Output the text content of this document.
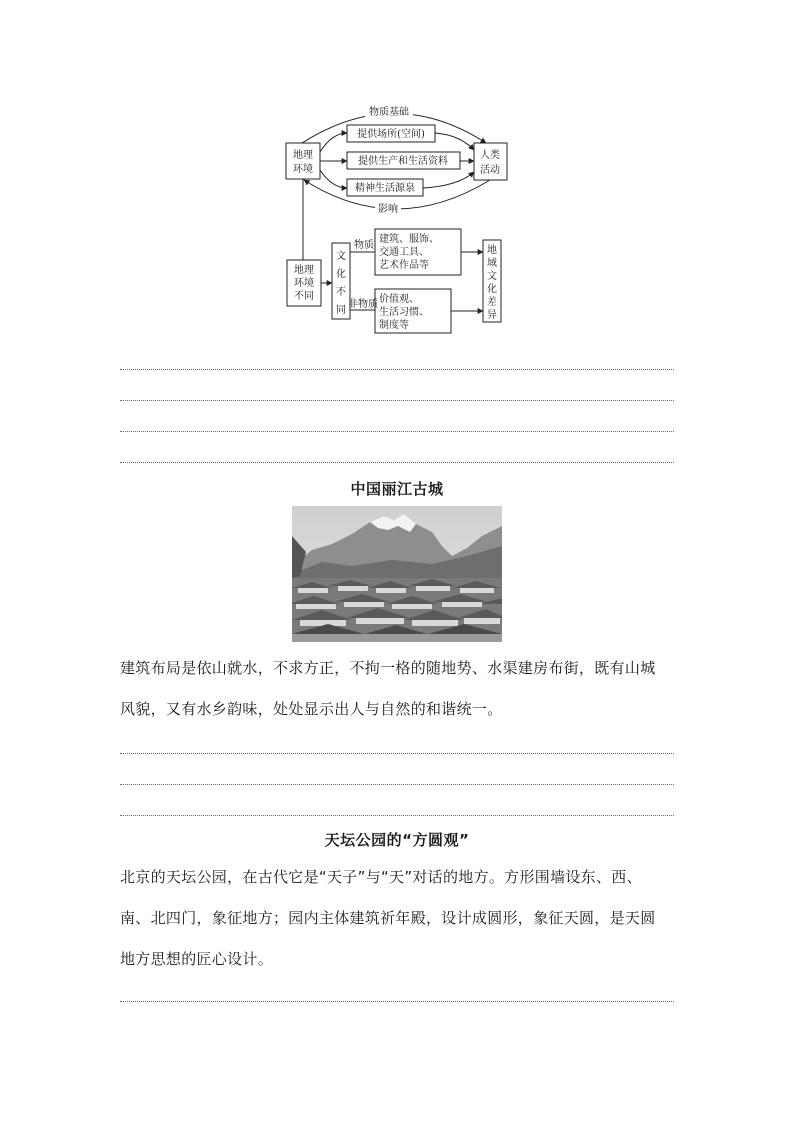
物质基础
影响
地理
环境
人类
活动
提供场所(空间)
提供生产和生活资料
精神生活源泉
地理
环境
不同
文
化
不
同
物质
非物质
建筑、服饰、
交通工具、
艺术作品等
价值观、
生活习惯、
制度等
地
域
文
化
差
异
中国丽江古城
建筑布局是依山就水，不求方正，不拘一格的随地势、水渠建房布街，既有山城
风貌，又有水乡韵味，处处显示出人与自然的和谐统一。
天坛公园的“方圆观”
北京的天坛公园，在古代它是“天子”与“天”对话的地方。方形围墙设东、西、
南、北四门，象征地方；园内主体建筑祈年殿，设计成圆形，象征天圆，是天圆
地方思想的匠心设计。
